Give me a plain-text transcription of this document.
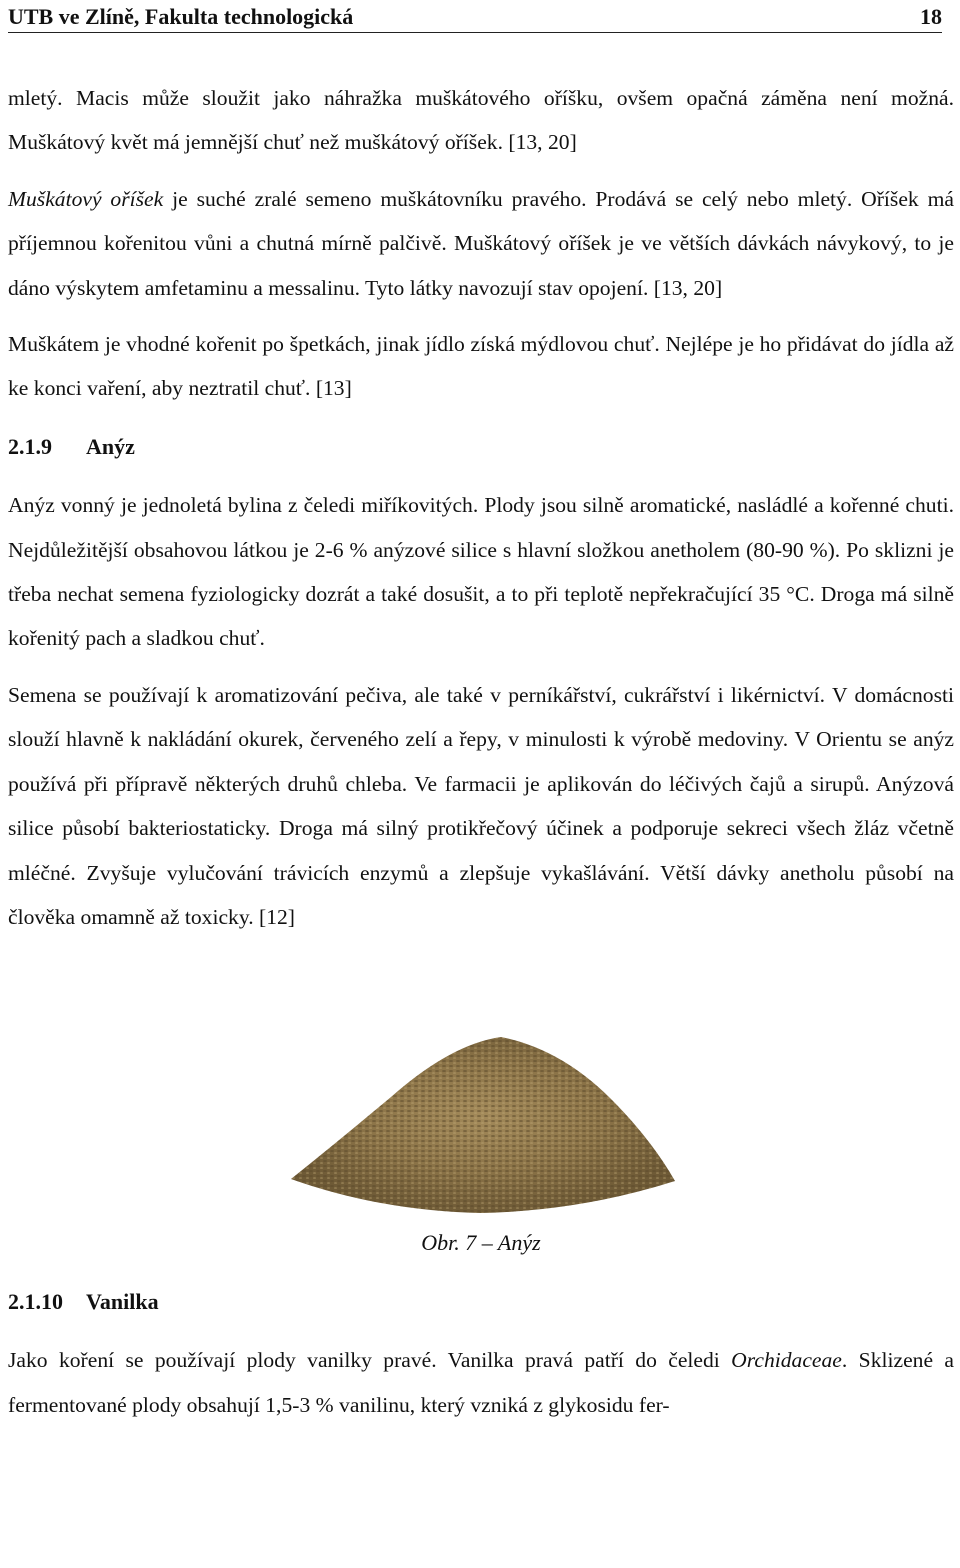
UTB ve Zlíně, Fakulta technologická	18

mletý. Macis může sloužit jako náhražka muškátového oříšku, ovšem opačná záměna není možná. Muškátový květ má jemnější chuť než muškátový oříšek. [13, 20]

Muškátový oříšek je suché zralé semeno muškátovníku pravého. Prodává se celý nebo mletý. Oříšek má příjemnou kořenitou vůni a chutná mírně palčivě. Muškátový oříšek je ve větších dávkách návykový, to je dáno výskytem amfetaminu a messalinu. Tyto látky navozují stav opojení. [13, 20]

Muškátem je vhodné kořenit po špetkách, jinak jídlo získá mýdlovou chuť. Nejlépe je ho přidávat do jídla až ke konci vaření, aby neztratil chuť. [13]

2.1.9 Anýz

Anýz vonný je jednoletá bylina z čeledi miříkovitých. Plody jsou silně aromatické, nasládlé a kořenné chuti. Nejdůležitější obsahovou látkou je 2-6 % anýzové silice s hlavní složkou anetholem (80-90 %). Po sklizni je třeba nechat semena fyziologicky dozrát a také dosušit, a to při teplotě nepřekračující 35 °C. Droga má silně kořenitý pach a sladkou chuť.

Semena se používají k aromatizování pečiva, ale také v perníkářství, cukrářství i likérnictví. V domácnosti slouží hlavně k nakládání okurek, červeného zelí a řepy, v minulosti k výrobě medoviny. V Orientu se anýz používá při přípravě některých druhů chleba. Ve farmacii je aplikován do léčivých čajů a sirupů. Anýzová silice působí bakteriostaticky. Droga má silný protikřečový účinek a podporuje sekreci všech žláz včetně mléčné. Zvyšuje vylučování trávicích enzymů a zlepšuje vykašlávání. Větší dávky anetholu působí na člověka omamně až toxicky. [12]

Obr. 7 – Anýz

2.1.10 Vanilka

Jako koření se používají plody vanilky pravé. Vanilka pravá patří do čeledi Orchidaceae. Sklizené a fermentované plody obsahují 1,5-3 % vanilinu, který vzniká z glykosidu fer-
